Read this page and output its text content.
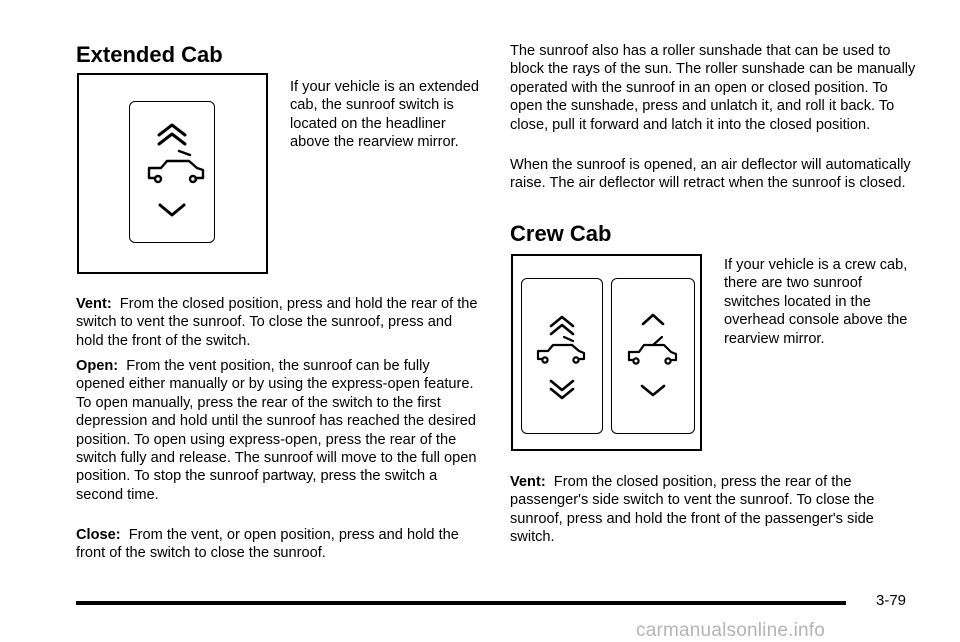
Extended Cab

If your vehicle is an extended cab, the sunroof switch is located on the headliner above the rearview mirror.

Vent: From the closed position, press and hold the rear of the switch to vent the sunroof. To close the sunroof, press and hold the front of the switch.

Open: From the vent position, the sunroof can be fully opened either manually or by using the express-open feature. To open manually, press the rear of the switch to the first depression and hold until the sunroof has reached the desired position. To open using express-open, press the rear of the switch fully and release. The sunroof will move to the full open position. To stop the sunroof partway, press the switch a second time.

Close: From the vent, or open position, press and hold the front of the switch to close the sunroof.

The sunroof also has a roller sunshade that can be used to block the rays of the sun. The roller sunshade can be manually operated with the sunroof in an open or closed position. To open the sunshade, press and unlatch it, and roll it back. To close, pull it forward and latch it into the closed position.

When the sunroof is opened, an air deflector will automatically raise. The air deflector will retract when the sunroof is closed.

Crew Cab

If your vehicle is a crew cab, there are two sunroof switches located in the overhead console above the rearview mirror.

Vent: From the closed position, press the rear of the passenger's side switch to vent the sunroof. To close the sunroof, press and hold the front of the passenger's side switch.

3-79
carmanualsonline.info
